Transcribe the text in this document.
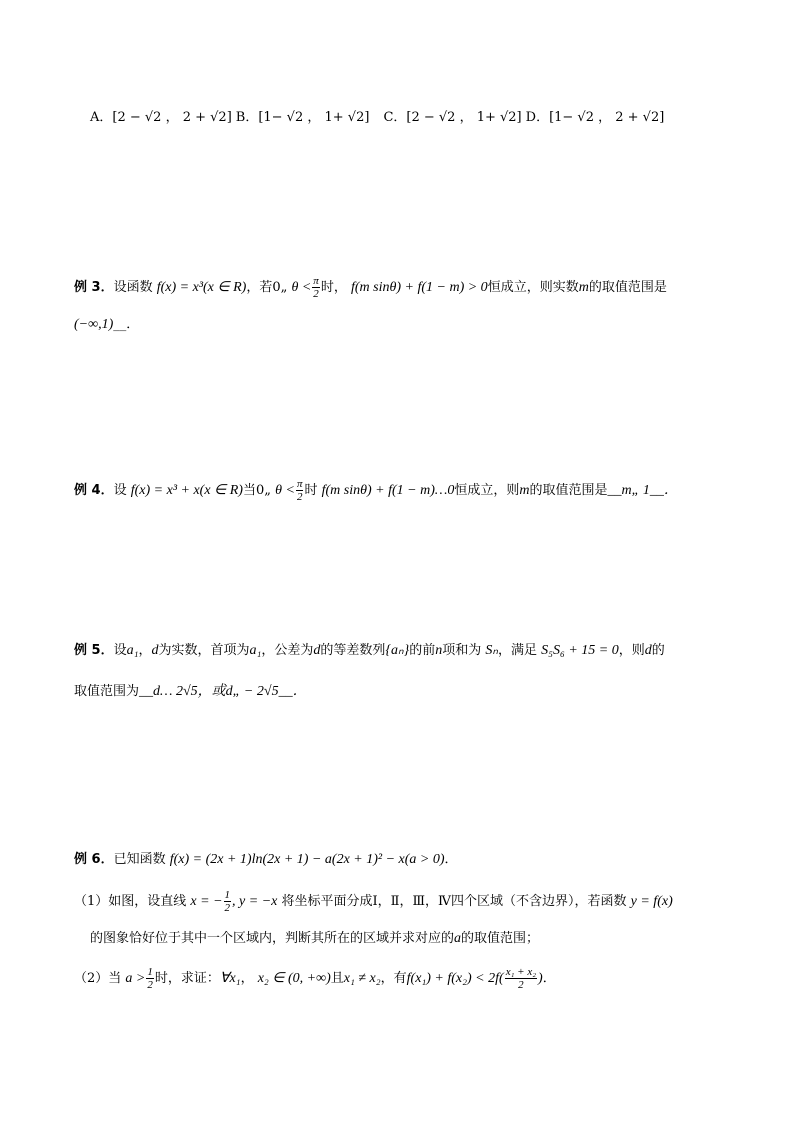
A．[2 − √2 ， 2 + √2] B．[1− √2 ， 1+ √2] C．[2 − √2 ， 1+ √2] D．[1− √2 ， 2 + √2]
例 3．设函数 f(x) = x³(x ∈ R)，若0„ $\theta < \frac{\pi}{2}$ 时， f(m sinθ) + f(1 − m) > 0恒成立，则实数m的取值范围是
(−∞,1)__．
例 4．设 f(x) = x³ + x(x ∈ R)当0„ $\theta < \frac{\pi}{2}$ 时 f(m sinθ) + f(1 − m)…0恒成立，则m的取值范围是__m„ 1__．
例 5．设a₁，d为实数，首项为a₁，公差为d的等差数列{aₙ}的前n项和为 Sₙ，满足 S₅S₆ + 15 = 0，则d的
取值范围为__d… 2√5，或d„ − 2√5__．
例 6．已知函数 f(x) = (2x + 1)ln(2x + 1) − a(2x + 1)² − x(a > 0)．
（1）如图，设直线 x = − $\frac{1}{2}$ , y = −x 将坐标平面分成Ⅰ，Ⅱ，Ⅲ，Ⅳ四个区域（不含边界），若函数 y = f(x)
的图象恰好位于其中一个区域内，判断其所在的区域并求对应的a的取值范围；
（2）当 $a > \frac{1}{2}$ 时，求证：∀x₁， x₂ ∈ (0, +∞)且x₁ ≠ x₂，有$f(x_1) + f(x_2) < 2f( \frac{\text{x₁ + x₂}}{2}$ )．
